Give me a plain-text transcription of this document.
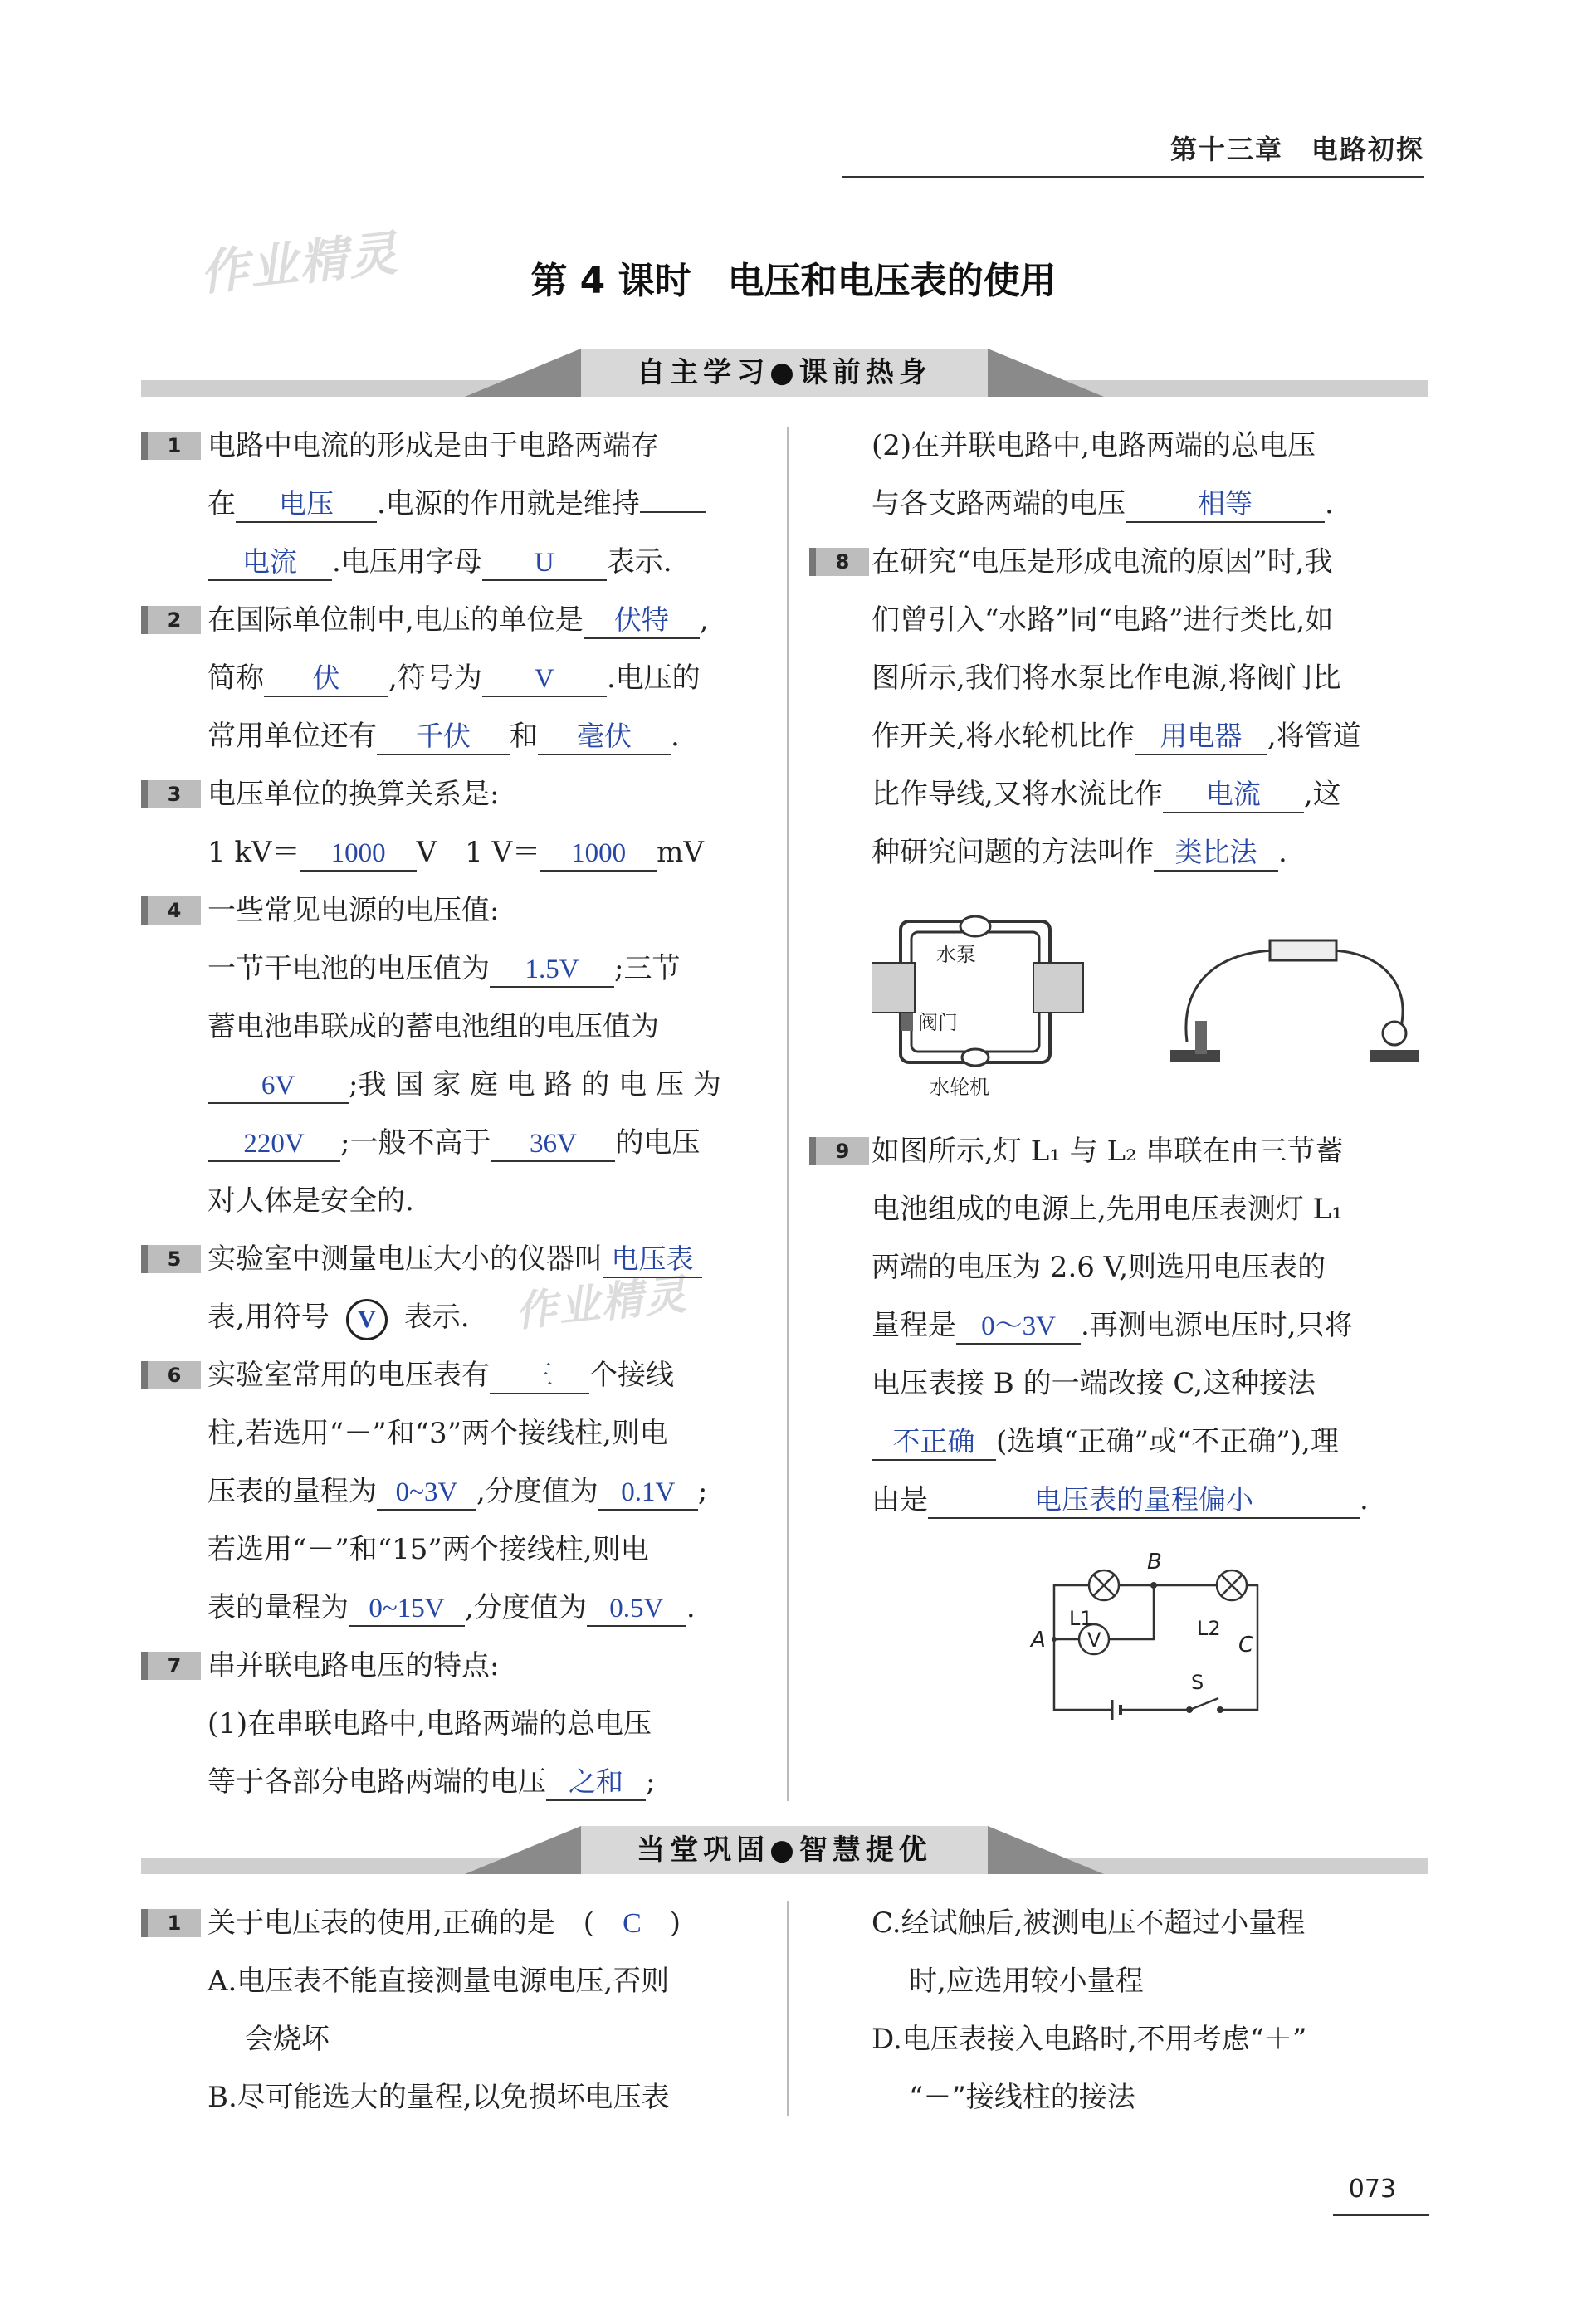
第十三章　电路初探
作业精灵
作业精灵
第 4 课时　电压和电压表的使用
自主学习●课前热身
1 电路中电流的形成是由于电路两端存
在 电压 .电源的作用就是维持
电流 .电压用字母 U 表示.
2 在国际单位制中,电压的单位是 伏特 ,
简称 伏 ,符号为 V .电压的
常用单位还有 千伏 和 毫伏 .
3 电压单位的换算关系是:
1 kV＝ 1000 V　1 V＝ 1000 mV
4 一些常见电源的电压值:
一节干电池的电压值为 1.5V ;三节
蓄电池串联成的蓄电池组的电压值为
6V ;我 国 家 庭 电 路 的 电 压 为
220V ;一般不高于 36V 的电压
对人体是安全的.
5 实验室中测量电压大小的仪器叫 电压表
表,用符号 V 表示.
6 实验室常用的电压表有 三 个接线
柱,若选用“－”和“3”两个接线柱,则电
压表的量程为 0~3V ,分度值为 0.1V ;
若选用“－”和“15”两个接线柱,则电
表的量程为 0~15V ,分度值为 0.5V .
7 串并联电路电压的特点:
(1)在串联电路中,电路两端的总电压
等于各部分电路两端的电压 之和 ;
(2)在并联电路中,电路两端的总电压
与各支路两端的电压	相等	.
8 在研究“电压是形成电流的原因”时,我
们曾引入“水路”同“电路”进行类比,如
图所示,我们将水泵比作电源,将阀门比
作开关,将水轮机比作 用电器 ,将管道
比作导线,又将水流比作 电流 ,这
种研究问题的方法叫作 类比法 .
水泵
阀门
水轮机
9 如图所示,灯 L₁ 与 L₂ 串联在由三节蓄
电池组成的电源上,先用电压表测灯 L₁
两端的电压为 2.6 V,则选用电压表的
量程是 0～3V .再测电源电压时,只将
电压表接 B 的一端改接 C,这种接法
不正确 (选填“正确”或“不正确”),理
由是	电压表的量程偏小	.
V
A
B
C
L1	L2
S
当堂巩固●智慧提优
1 关于电压表的使用,正确的是　(　C　)
A.电压表不能直接测量电源电压,否则
会烧坏
B.尽可能选大的量程,以免损坏电压表
C.经试触后,被测电压不超过小量程
时,应选用较小量程
D.电压表接入电路时,不用考虑“＋”
“－”接线柱的接法
073
